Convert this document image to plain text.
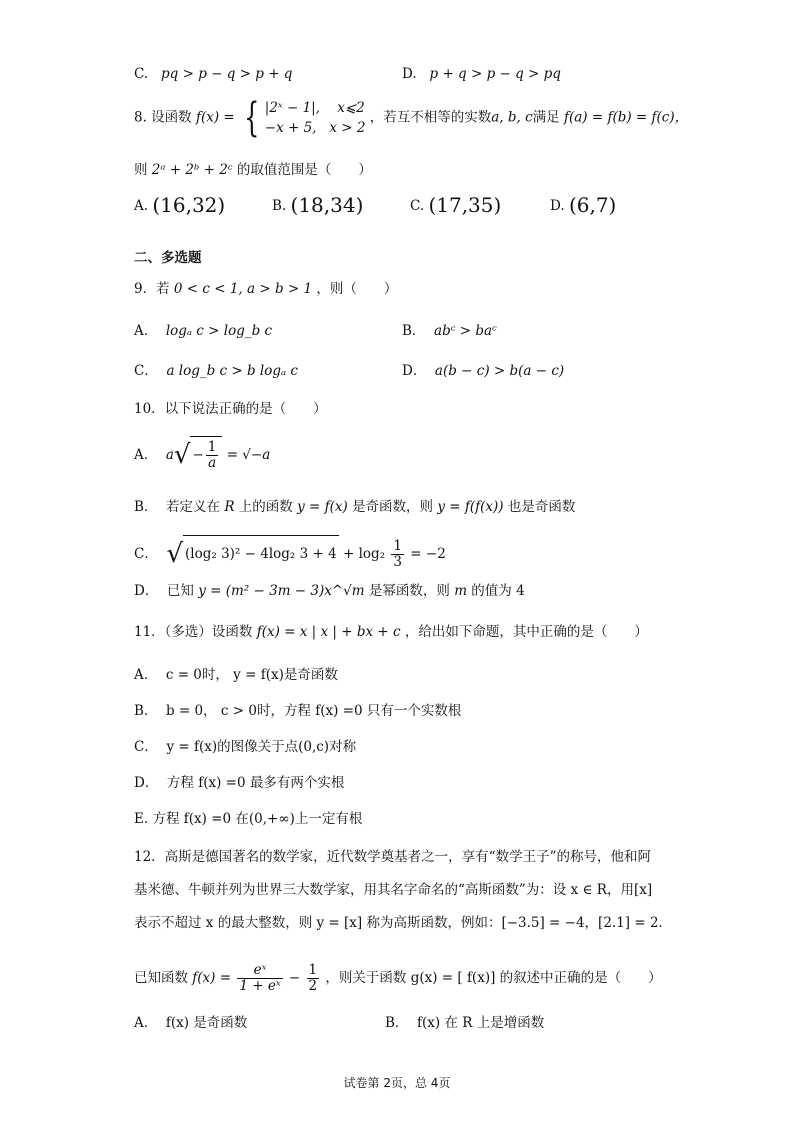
C. pq > p − q > p + q	D. p + q > p − q > pq
8. 设函数 f(x) = { |2ˣ − 1|, x⩽2
−x + 5, x > 2 ，若互不相等的实数a, b, c满足 f(a) = f(b) = f(c)，
则 2ᵃ + 2ᵇ + 2ᶜ 的取值范围是（　　）
A. (16,32)	B. (18,34)	C. (17,35)	D. (6,7)
二、多选题
9．若 0 < c < 1, a > b > 1 ，则（　　）
A． logₐ c > log_b c	B． abᶜ > baᶜ
C． a log_b c > b logₐ c	D． a(b − c) > b(a − c)
10．以下说法正确的是（　　）
A． $a√ - \frac{1}{a} = √-a$
B． 若定义在 R 上的函数 y = f(x) 是奇函数，则 y = f(f(x)) 也是奇函数
C． √ (log₂ 3)² − 4log₂ $3 + 4 + \log_2 \frac{1}{3} = -2$
D． 已知 y = (m² − 3m − 3)x^√m 是幂函数，则 m 的值为 4
11．（多选）设函数 f(x) = x | x | + bx + c ，给出如下命题，其中正确的是（　　）
A． c = 0时， y = f(x)是奇函数
B． b = 0， c > 0时，方程 f(x) =0 只有一个实数根
C． y = f(x)的图像关于点(0,c)对称
D． 方程 f(x) =0 最多有两个实根
E. 方程 f(x) =0 在(0,+∞)上一定有根
12．高斯是德国著名的数学家，近代数学奠基者之一，享有“数学王子”的称号，他和阿
基米德、牛顿并列为世界三大数学家，用其名字命名的“高斯函数”为：设 x ∈ R，用[x]
表示不超过 x 的最大整数，则 y = [x] 称为高斯函数，例如：[−3.5] = −4，[2.1] = 2．
已知函数 $f(x) = \frac{\text{eˣ}}{\text{1 + eˣ}} - \frac{1}{2}$ ，则关于函数 g(x) = [ f(x)] 的叙述中正确的是（　　）
A． f(x) 是奇函数	B． f(x) 在 R 上是增函数
试卷第 2页，总 4页
